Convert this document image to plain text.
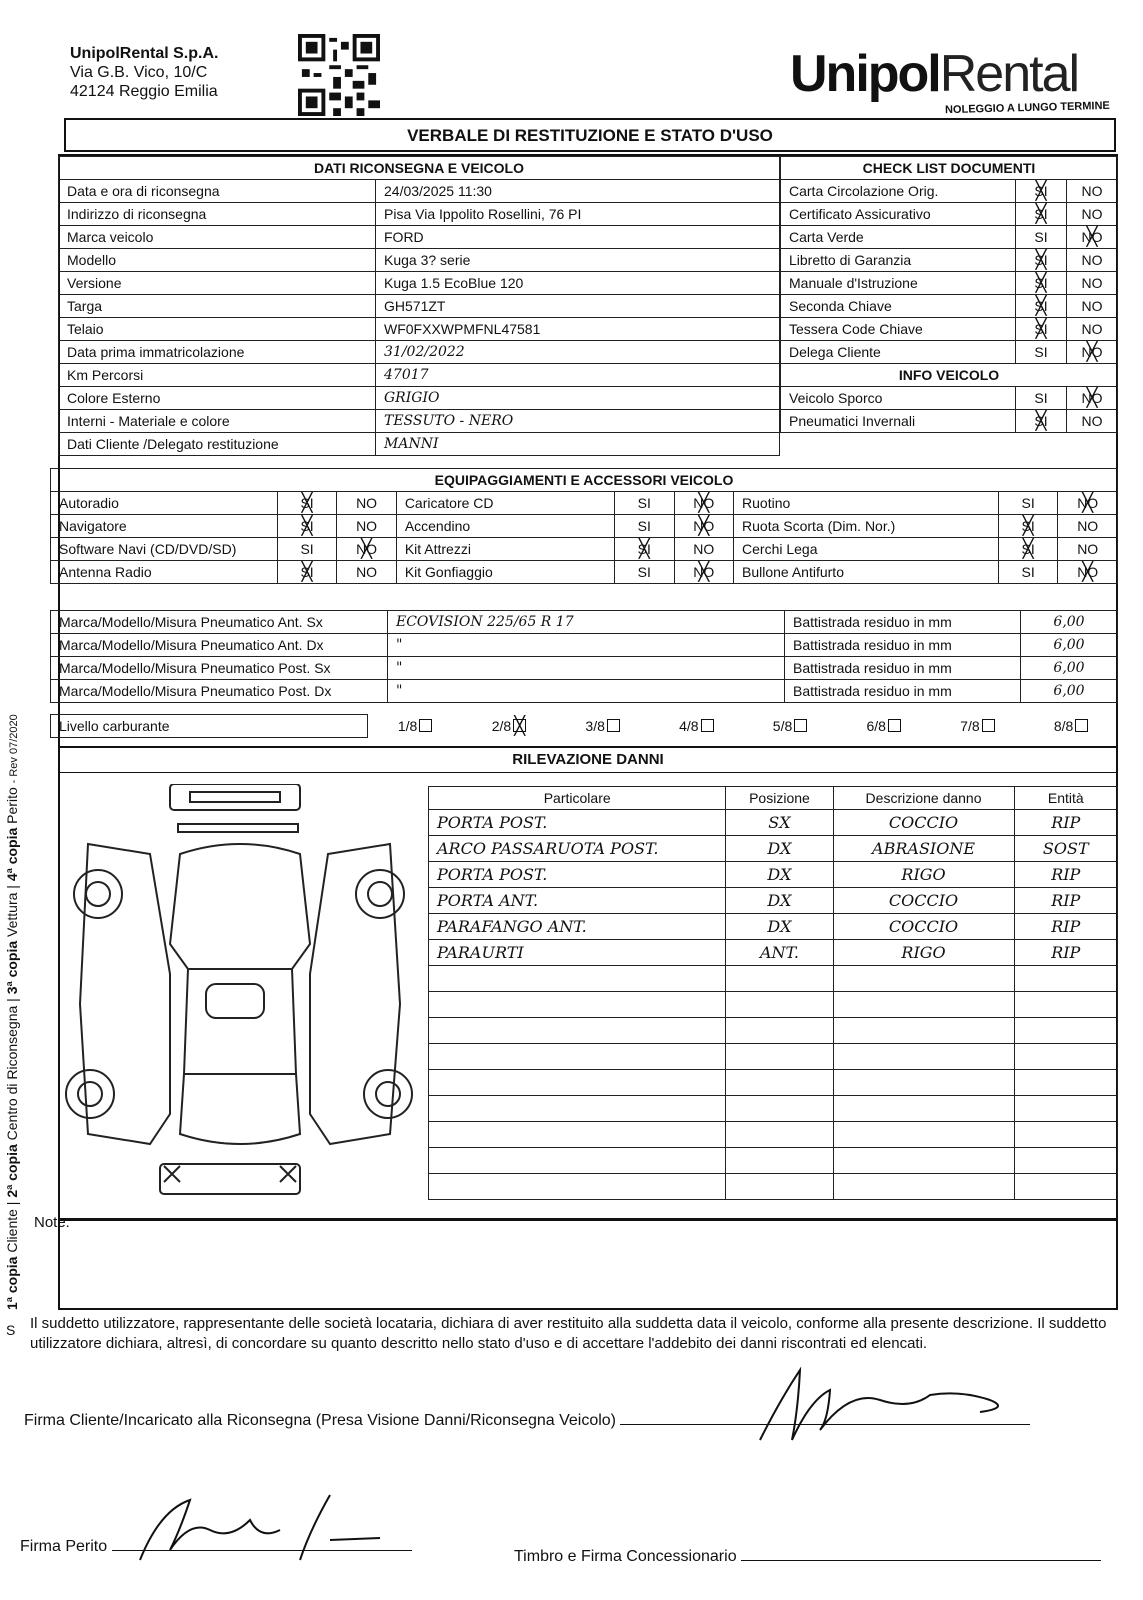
UnipolRental S.p.A.
Via G.B. Vico, 10/C
42124 Reggio Emilia	UnipolRental
NOLEGGIO A LUNGO TERMINE
VERBALE DI RESTITUZIONE E STATO D'USO
DATI RICONSEGNA E VEICOLO	
Data e ora di riconsegna	24/03/2025 11:30
Indirizzo di riconsegna	Pisa Via Ippolito Rosellini, 76 PI
Marca veicolo	FORD
Modello	Kuga 3? serie
Versione	Kuga 1.5 EcoBlue 120
Targa	GH571ZT
Telaio	WF0FXXWPMFNL47581
Data prima immatricolazione	31/02/2022
Km Percorsi	47017
Colore Esterno	GRIGIO
Interni - Materiale e colore	TESSUTO - NERO
Dati Cliente /Delegato restituzione	MANNI
CHECK LIST DOCUMENTI		
Carta Circolazione Orig.	SI ╳	NO
Certificato Assicurativo	SI ╳	NO
Carta Verde	SI	NO ╳
Libretto di Garanzia	SI ╳	NO
Manuale d'Istruzione	SI ╳	NO
Seconda Chiave	SI ╳	NO
Tessera Code Chiave	SI ╳	NO
Delega Cliente	SI	NO ╳
INFO VEICOLO		
Veicolo Sporco	SI	NO ╳
Pneumatici Invernali	SI ╳	NO
EQUIPAGGIAMENTI E ACCESSORI VEICOLO								
Autoradio	SI ╳	NO	Caricatore CD	SI	NO ╳	Ruotino	SI	NO ╳
Navigatore	SI ╳	NO	Accendino	SI	NO ╳	Ruota Scorta (Dim. Nor.)	SI ╳	NO
Software Navi (CD/DVD/SD)	SI	NO ╳	Kit Attrezzi	SI ╳	NO	Cerchi Lega	SI ╳	NO
Antenna Radio	SI ╳	NO	Kit Gonfiaggio	SI	NO ╳	Bullone Antifurto	SI	NO ╳
Marca/Modello/Misura Pneumatico Ant. Sx	ECOVISION 225/65 R 17	Battistrada residuo in mm	6,00
Marca/Modello/Misura Pneumatico Ant. Dx	"	Battistrada residuo in mm	6,00
Marca/Modello/Misura Pneumatico Post. Sx	"	Battistrada residuo in mm	6,00
Marca/Modello/Misura Pneumatico Post. Dx	"	Battistrada residuo in mm	6,00
Livello carburante	1/8	2/8╳	3/8	4/8	5/8	6/8	7/8	8/8
RILEVAZIONE DANNI
Particolare	Posizione	Descrizione danno	Entità
PORTA POST.	SX	COCCIO	RIP
ARCO PASSARUOTA POST.	DX	ABRASIONE	SOST
PORTA POST.	DX	RIGO	RIP
PORTA ANT.	DX	COCCIO	RIP
PARAFANGO ANT.	DX	COCCIO	RIP
PARAURTI	ANT.	RIGO	RIP

Note:
Il suddetto utilizzatore, rappresentante delle società locataria, dichiara di aver restituito alla suddetta data il veicolo, conforme alla presente descrizione. Il suddetto utilizzatore dichiara, altresì, di concordare su quanto descritto nello stato d'uso e di accettare l'addebito dei danni riscontrati ed elencati.
1ª copia Cliente | 2ª copia Centro di Riconsegna | 3ª copia Vettura | 4ª copia Perito - Rev 07/2020
S
Firma Cliente/Incaricato alla Riconsegna (Presa Visione Danni/Riconsegna Veicolo)
Firma Perito
Timbro e Firma Concessionario
